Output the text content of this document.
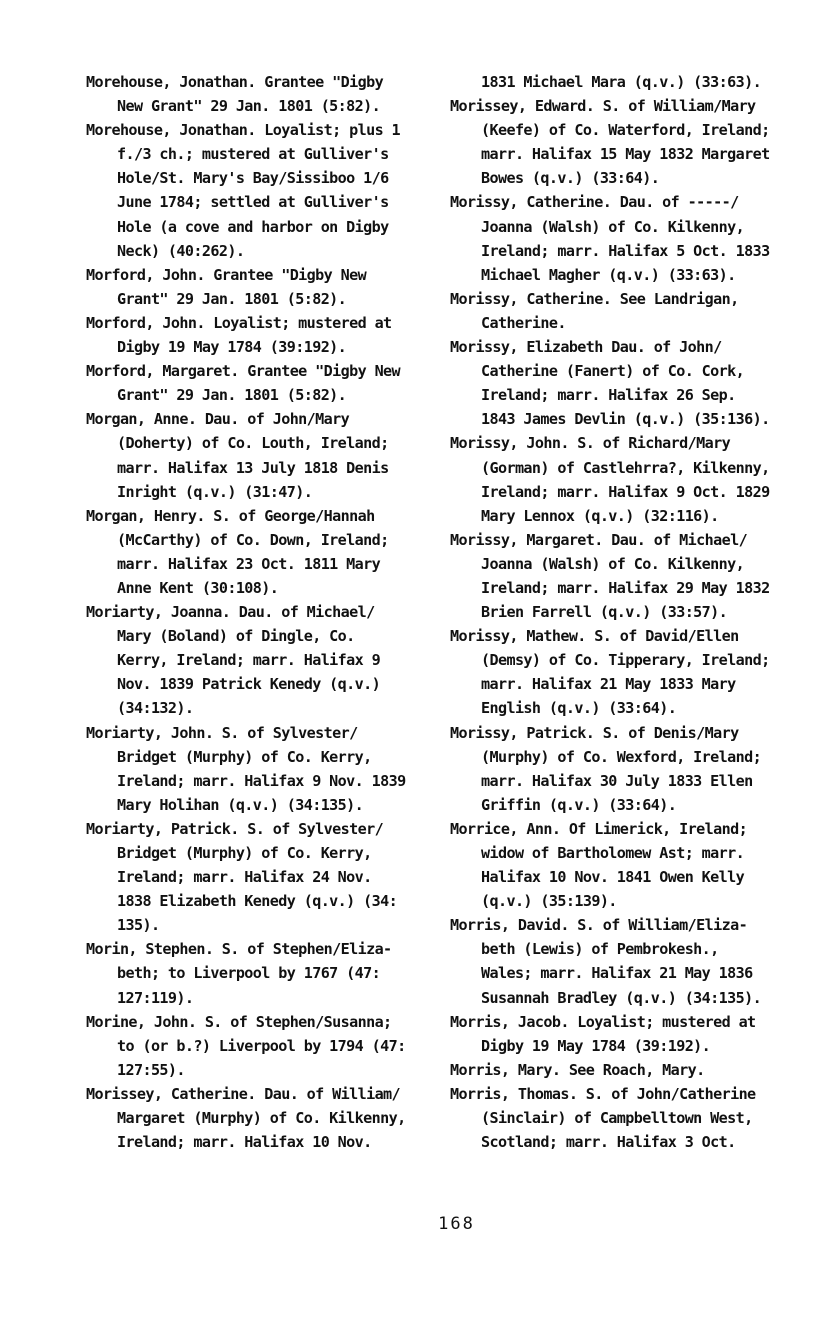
Morehouse, Jonathan. Grantee "Digby
New Grant" 29 Jan. 1801 (5:82).
Morehouse, Jonathan. Loyalist; plus 1
f./3 ch.; mustered at Gulliver's
Hole/St. Mary's Bay/Sissiboo 1/6
June 1784; settled at Gulliver's
Hole (a cove and harbor on Digby
Neck) (40:262).
Morford, John. Grantee "Digby New
Grant" 29 Jan. 1801 (5:82).
Morford, John. Loyalist; mustered at
Digby 19 May 1784 (39:192).
Morford, Margaret. Grantee "Digby New
Grant" 29 Jan. 1801 (5:82).
Morgan, Anne. Dau. of John/Mary
(Doherty) of Co. Louth, Ireland;
marr. Halifax 13 July 1818 Denis
Inright (q.v.) (31:47).
Morgan, Henry. S. of George/Hannah
(McCarthy) of Co. Down, Ireland;
marr. Halifax 23 Oct. 1811 Mary
Anne Kent (30:108).
Moriarty, Joanna. Dau. of Michael/
Mary (Boland) of Dingle, Co.
Kerry, Ireland; marr. Halifax 9
Nov. 1839 Patrick Kenedy (q.v.)
(34:132).
Moriarty, John. S. of Sylvester/
Bridget (Murphy) of Co. Kerry,
Ireland; marr. Halifax 9 Nov. 1839
Mary Holihan (q.v.) (34:135).
Moriarty, Patrick. S. of Sylvester/
Bridget (Murphy) of Co. Kerry,
Ireland; marr. Halifax 24 Nov.
1838 Elizabeth Kenedy (q.v.) (34:
135).
Morin, Stephen. S. of Stephen/Eliza-
beth; to Liverpool by 1767 (47:
127:119).
Morine, John. S. of Stephen/Susanna;
to (or b.?) Liverpool by 1794 (47:
127:55).
Morissey, Catherine. Dau. of William/
Margaret (Murphy) of Co. Kilkenny,
Ireland; marr. Halifax 10 Nov.
1831 Michael Mara (q.v.) (33:63).
Morissey, Edward. S. of William/Mary
(Keefe) of Co. Waterford, Ireland;
marr. Halifax 15 May 1832 Margaret
Bowes (q.v.) (33:64).
Morissy, Catherine. Dau. of -----/
Joanna (Walsh) of Co. Kilkenny,
Ireland; marr. Halifax 5 Oct. 1833
Michael Magher (q.v.) (33:63).
Morissy, Catherine. See Landrigan,
Catherine.
Morissy, Elizabeth Dau. of John/
Catherine (Fanert) of Co. Cork,
Ireland; marr. Halifax 26 Sep.
1843 James Devlin (q.v.) (35:136).
Morissy, John. S. of Richard/Mary
(Gorman) of Castlehrra?, Kilkenny,
Ireland; marr. Halifax 9 Oct. 1829
Mary Lennox (q.v.) (32:116).
Morissy, Margaret. Dau. of Michael/
Joanna (Walsh) of Co. Kilkenny,
Ireland; marr. Halifax 29 May 1832
Brien Farrell (q.v.) (33:57).
Morissy, Mathew. S. of David/Ellen
(Demsy) of Co. Tipperary, Ireland;
marr. Halifax 21 May 1833 Mary
English (q.v.) (33:64).
Morissy, Patrick. S. of Denis/Mary
(Murphy) of Co. Wexford, Ireland;
marr. Halifax 30 July 1833 Ellen
Griffin (q.v.) (33:64).
Morrice, Ann. Of Limerick, Ireland;
widow of Bartholomew Ast; marr.
Halifax 10 Nov. 1841 Owen Kelly
(q.v.) (35:139).
Morris, David. S. of William/Eliza-
beth (Lewis) of Pembrokesh.,
Wales; marr. Halifax 21 May 1836
Susannah Bradley (q.v.) (34:135).
Morris, Jacob. Loyalist; mustered at
Digby 19 May 1784 (39:192).
Morris, Mary. See Roach, Mary.
Morris, Thomas. S. of John/Catherine
(Sinclair) of Campbelltown West,
Scotland; marr. Halifax 3 Oct.
168
